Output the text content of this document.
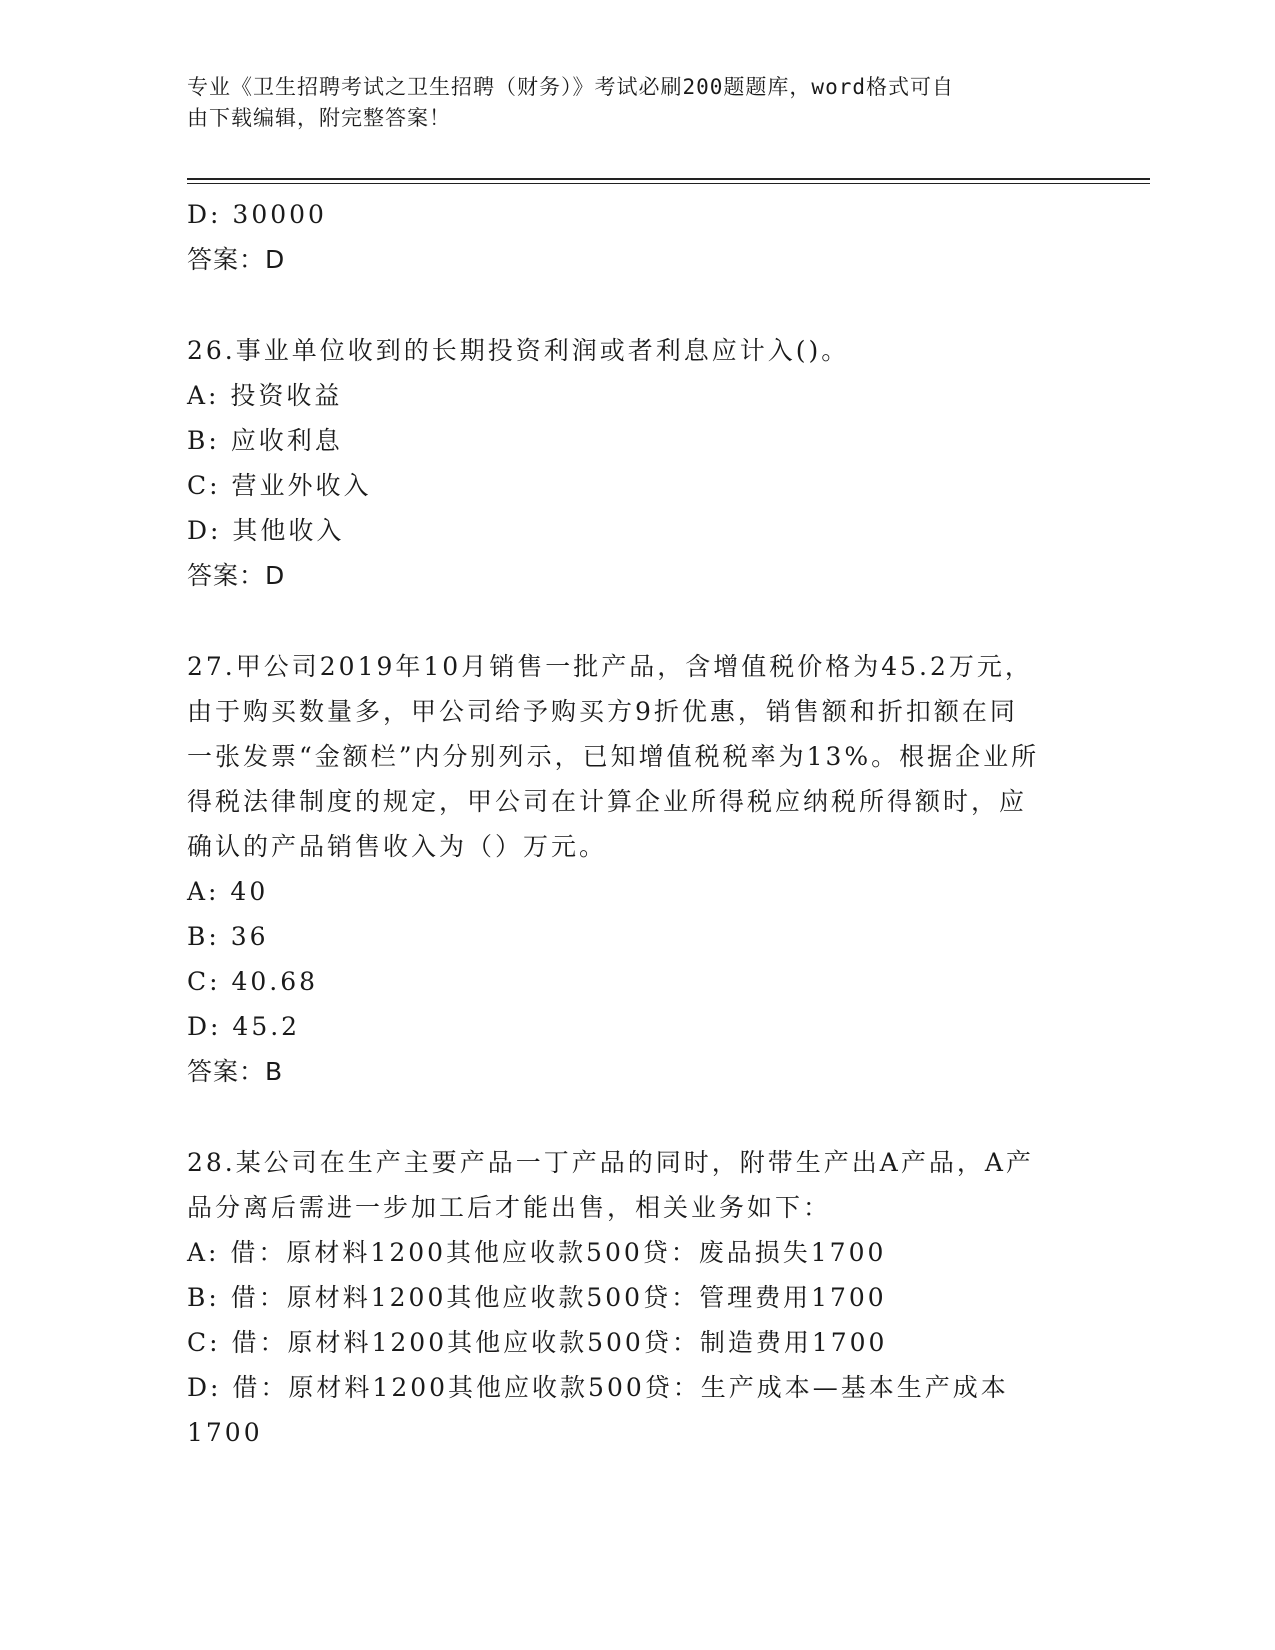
专业《卫生招聘考试之卫生招聘（财务）》考试必刷200题题库，word格式可自
由下载编辑，附完整答案！
D: 30000
答案：D
26.事业单位收到的长期投资利润或者利息应计入()。
A: 投资收益
B: 应收利息
C: 营业外收入
D: 其他收入
答案：D
27.甲公司2019年10月销售一批产品，含增值税价格为45.2万元，
由于购买数量多，甲公司给予购买方9折优惠，销售额和折扣额在同
一张发票“金额栏”内分别列示，已知增值税税率为13%。根据企业所
得税法律制度的规定，甲公司在计算企业所得税应纳税所得额时，应
确认的产品销售收入为（）万元。
A: 40
B: 36
C: 40.68
D: 45.2
答案：B
28.某公司在生产主要产品一丁产品的同时，附带生产出A产品，A产
品分离后需进一步加工后才能出售，相关业务如下：
A: 借：原材料1200其他应收款500贷：废品损失1700
B: 借：原材料1200其他应收款500贷：管理费用1700
C: 借：原材料1200其他应收款500贷：制造费用1700
D: 借：原材料1200其他应收款500贷：生产成本—基本生产成本
1700
